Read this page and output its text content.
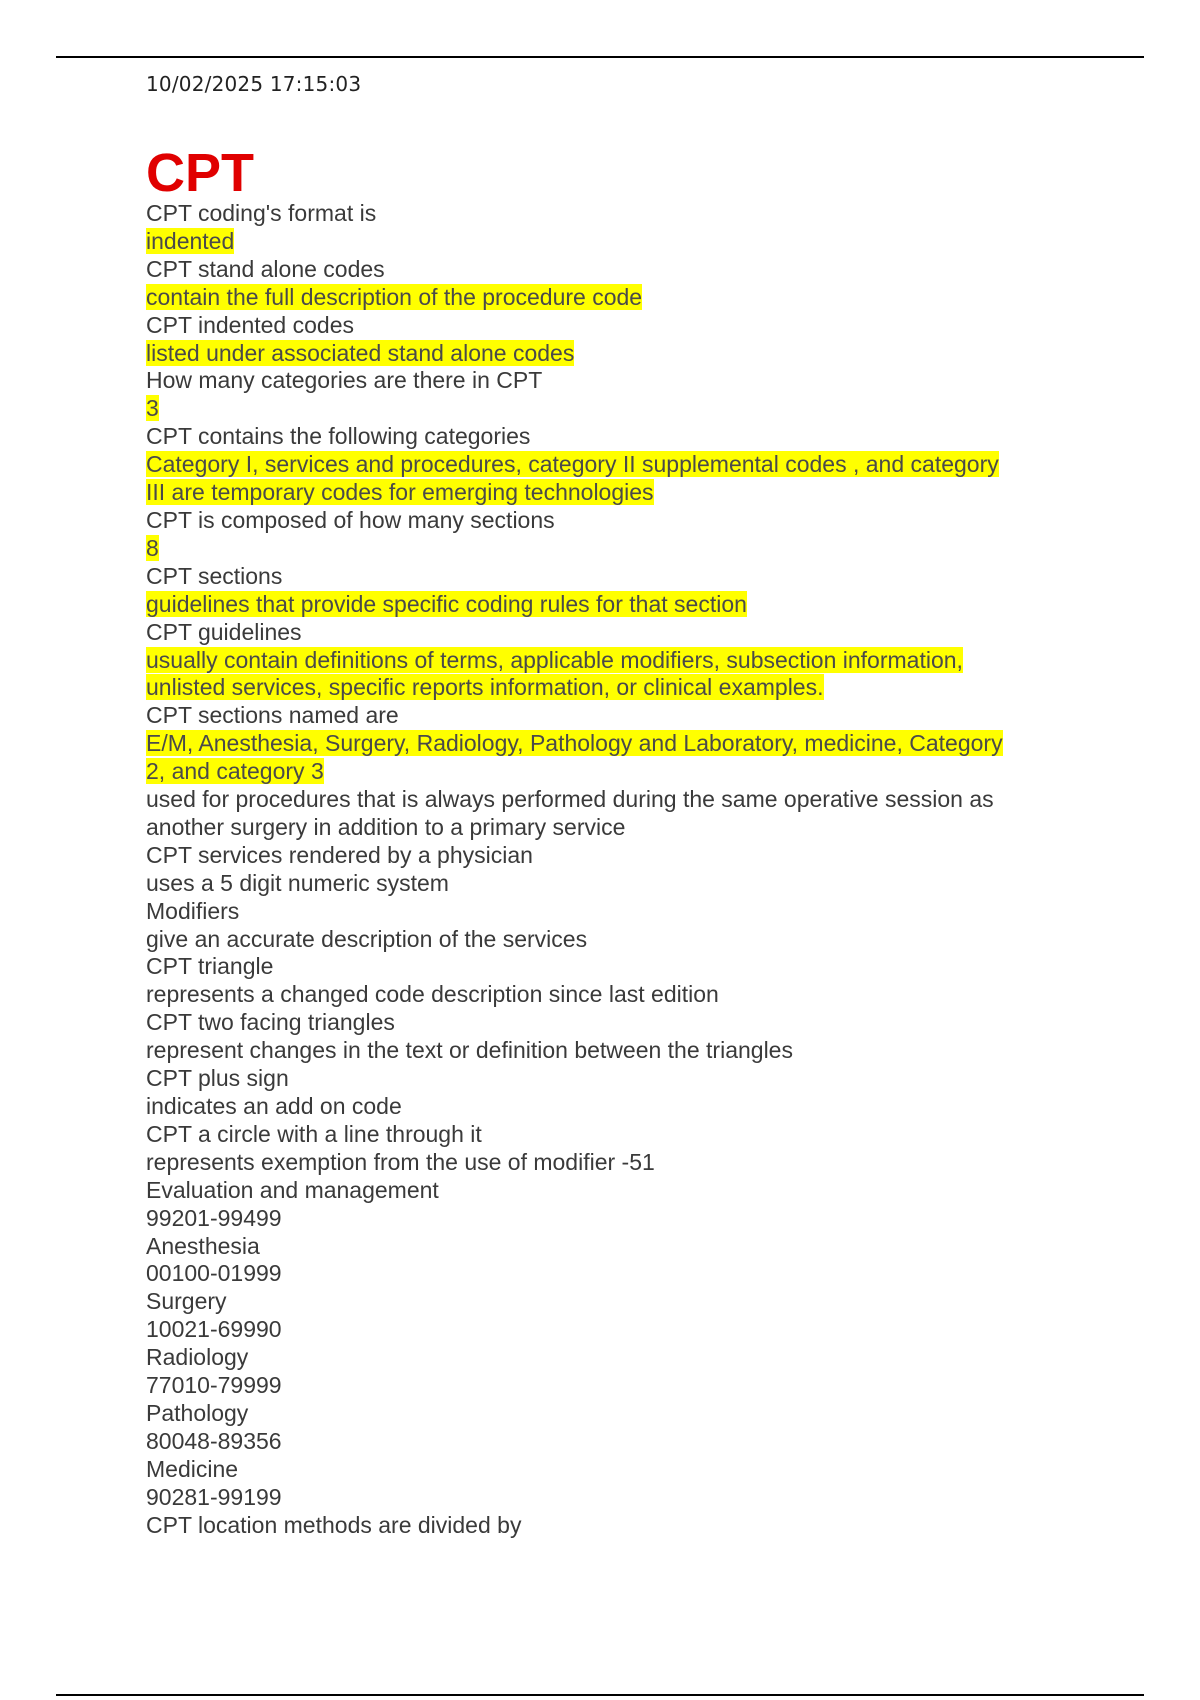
10/02/2025 17:15:03
CPT
CPT coding's format is
indented
CPT stand alone codes
contain the full description of the procedure code
CPT indented codes
listed under associated stand alone codes
How many categories are there in CPT
3
CPT contains the following categories
Category I, services and procedures, category II supplemental codes , and category
III are temporary codes for emerging technologies
CPT is composed of how many sections
8
CPT sections
guidelines that provide specific coding rules for that section
CPT guidelines
usually contain definitions of terms, applicable modifiers, subsection information,
unlisted services, specific reports information, or clinical examples.
CPT sections named are
E/M, Anesthesia, Surgery, Radiology, Pathology and Laboratory, medicine, Category
2, and category 3
used for procedures that is always performed during the same operative session as
another surgery in addition to a primary service
CPT services rendered by a physician
uses a 5 digit numeric system
Modifiers
give an accurate description of the services
CPT triangle
represents a changed code description since last edition
CPT two facing triangles
represent changes in the text or definition between the triangles
CPT plus sign
indicates an add on code
CPT a circle with a line through it
represents exemption from the use of modifier -51
Evaluation and management
99201-99499
Anesthesia
00100-01999
Surgery
10021-69990
Radiology
77010-79999
Pathology
80048-89356
Medicine
90281-99199
CPT location methods are divided by
